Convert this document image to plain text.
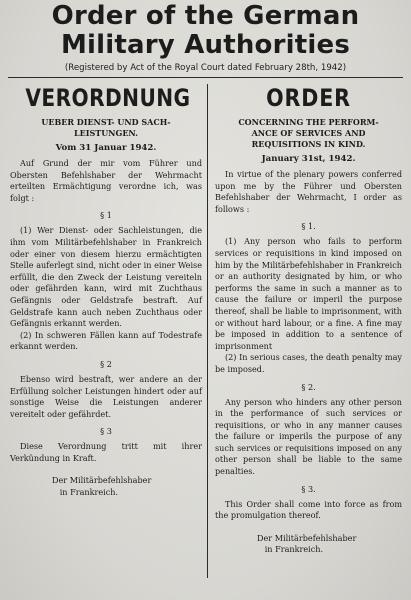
Order of the German

Military Authorities

(Registered by Act of the Royal Court dated February 28th, 1942)

VERORDNUNG

UEBER DIENST- UND SACH-
LEISTUNGEN.

Vom 31 Januar 1942.

Auf Grund der mir vom Führer und Obersten Befehlshaber der Wehrmacht erteilten Ermächtigung verordne ich, was folgt :

§ 1

(1) Wer Dienst- oder Sachleistungen, die ihm vom Militärbefehlshaber in Frankreich oder einer von diesem hierzu ermächtigten Stelle auferlegt sind, nicht oder in einer Weise erfüllt, die den Zweck der Leistung vereiteln oder gefährden kann, wird mit Zuchthaus Gefängnis oder Geldstrafe bestraft. Auf Geldstrafe kann auch neben Zuchthaus oder Gefängnis erkannt werden.

(2) In schweren Fällen kann auf Todestrafe erkannt werden.

§ 2

Ebenso wird bestraft, wer andere an der Erfüllung solcher Leistungen hindert oder auf sonstige Weise die Leistungen anderer vereitelt oder gefährdet.

§ 3

Diese Verordnung tritt mit ihrer Verkündung in Kraft.

Der Militärbefehlshaber
in Frankreich.

ORDER

CONCERNING THE PERFORM-
ANCE OF SERVICES AND
REQUISITIONS IN KIND.

January 31st, 1942.

In virtue of the plenary powers conferred upon me by the Führer und Obersten Befehlshaber der Wehrmacht, I order as follows :

§ 1.

(1) Any person who fails to perform services or requisitions in kind imposed on him by the Militärbefehlshaber in Frankreich or an authority designated by him, or who performs the same in such a manner as to cause the failure or imperil the purpose thereof, shall be liable to imprisonment, with or without hard labour, or a fine. A fine may be imposed in addition to a sentence of imprisonment

(2) In serious cases, the death penalty may be imposed.

§ 2.

Any person who hinders any other person in the performance of such services or requisitions, or who in any manner causes the failure or imperils the purpose of any such services or requisitions imposed on any other person shall be liable to the same penalties.

§ 3.

This Order shall come into force as from the promulgation thereof.

Der Militärbefehlshaber
in Frankreich.
